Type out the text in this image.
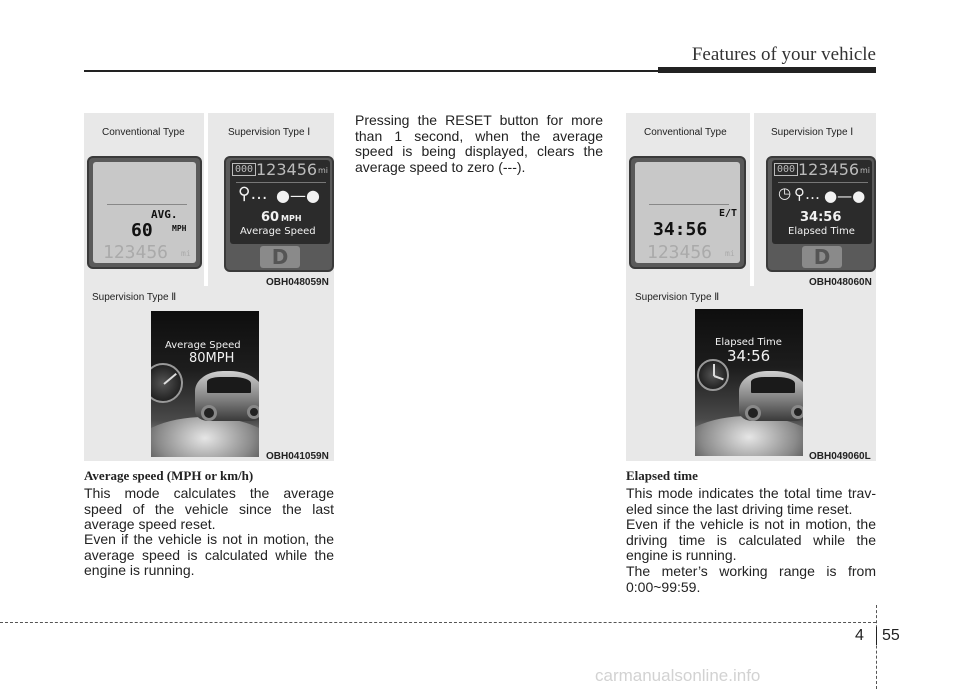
Features of your vehicle
Conventional Type	Supervision Type Ⅰ
AVG.
60 MPH
123456 mi
000 123456 mi
⚲… ●—●
60 MPH
Average Speed
D
OBH048059N
Supervision Type Ⅱ
Average Speed
80MPH
OBH041059N
Conventional Type	Supervision Type Ⅰ
E/T
34:56
123456 mi
000 123456 mi
◷ ⚲… ●—●
34:56
Elapsed Time
D
OBH048060N
Supervision Type Ⅱ
Elapsed Time
34:56
OBH049060L
Pressing the RESET button for more than 1 second, when the average speed is being displayed, clears the average speed to zero (---).
Average speed (MPH or km/h)
This mode calculates the average speed of the vehicle since the last average speed reset.
Even if the vehicle is not in motion, the average speed is calculated while the engine is running.
Elapsed time
This mode indicates the total time trav-eled since the last driving time reset.
Even if the vehicle is not in motion, the driving time is calculated while the engine is running.
The meter’s working range is from 0:00~99:59.
4 55
carmanualsonline.info
